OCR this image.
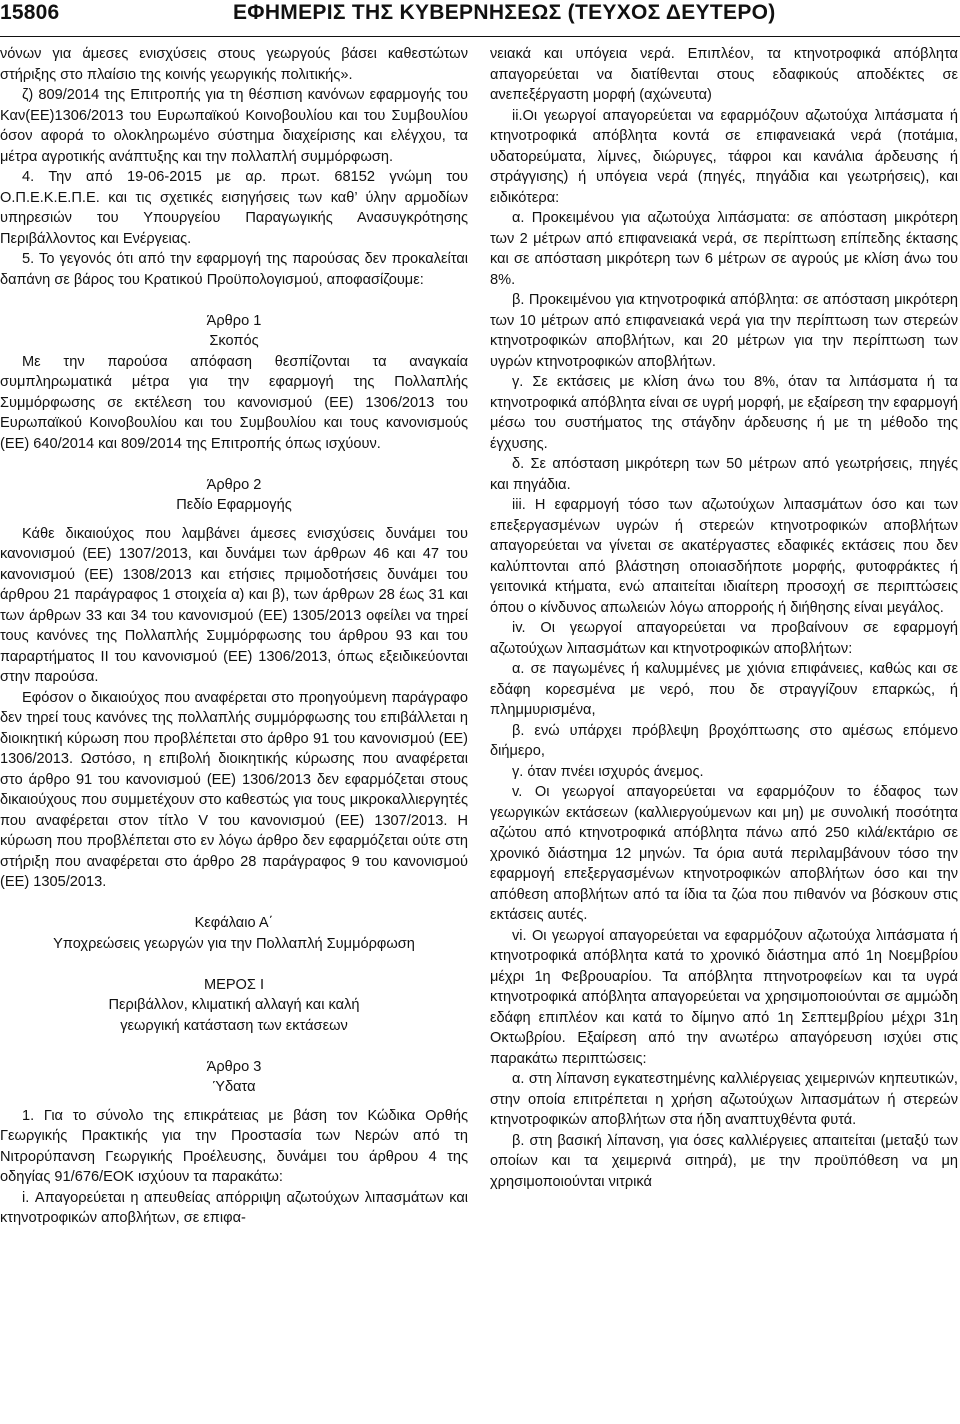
15806	ΕΦΗΜΕΡΙΣ ΤΗΣ ΚΥΒΕΡΝΗΣΕΩΣ (ΤΕΥΧΟΣ ΔΕΥΤΕΡΟ)

νόνων για άμεσες ενισχύσεις στους γεωργούς βάσει καθεστώτων στήριξης στο πλαίσιο της κοινής γεωργικής πολιτικής».

ζ) 809/2014 της Επιτροπής για τη θέσπιση κανόνων εφαρμογής του Καν(ΕΕ)1306/2013 του Ευρωπαϊκού Κοινοβουλίου και του Συμβουλίου όσον αφορά το ολοκληρωμένο σύστημα διαχείρισης και ελέγχου, τα μέτρα αγροτικής ανάπτυξης και την πολλαπλή συμμόρφωση.

4. Την από 19-06-2015 με αρ. πρωτ. 68152 γνώμη του Ο.Π.Ε.Κ.Ε.Π.Ε. και τις σχετικές εισηγήσεις των καθ’ ύλην αρμοδίων υπηρεσιών του Υπουργείου Παραγωγικής Ανασυγκρότησης Περιβάλλοντος και Ενέργειας.

5. Το γεγονός ότι από την εφαρμογή της παρούσας δεν προκαλείται δαπάνη σε βάρος του Κρατικού Προϋπολογισμού, αποφασίζουμε:

Άρθρο 1

Σκοπός

Με την παρούσα απόφαση θεσπίζονται τα αναγκαία συμπληρωματικά μέτρα για την εφαρμογή της Πολλαπλής Συμμόρφωσης σε εκτέλεση του κανονισμού (ΕΕ) 1306/2013 του Ευρωπαϊκού Κοινοβουλίου και του Συμβουλίου και τους κανονισμούς (ΕΕ) 640/2014 και 809/2014 της Επιτροπής όπως ισχύουν.

Άρθρο 2

Πεδίο Εφαρμογής

Κάθε δικαιούχος που λαμβάνει άμεσες ενισχύσεις δυνάμει του κανονισμού (ΕΕ) 1307/2013, και δυνάμει των άρθρων 46 και 47 του κανονισμού (ΕΕ) 1308/2013 και ετήσιες πριμοδοτήσεις δυνάμει του άρθρου 21 παράγραφος 1 στοιχεία α) και β), των άρθρων 28 έως 31 και των άρθρων 33 και 34 του κανονισμού (ΕΕ) 1305/2013 οφείλει να τηρεί τους κανόνες της Πολλαπλής Συμμόρφωσης του άρθρου 93 και του παραρτήματος II του κανονισμού (ΕΕ) 1306/2013, όπως εξειδικεύονται στην παρούσα.

Εφόσον ο δικαιούχος που αναφέρεται στο προηγούμενη παράγραφο δεν τηρεί τους κανόνες της πολλαπλής συμμόρφωσης του επιβάλλεται η διοικητική κύρωση που προβλέπεται στο άρθρο 91 του κανονισμού (ΕΕ) 1306/2013. Ωστόσο, η επιβολή διοικητικής κύρωσης που αναφέρεται στο άρθρο 91 του κανονισμού (ΕΕ) 1306/2013 δεν εφαρμόζεται στους δικαιούχους που συμμετέχουν στο καθεστώς για τους μικροκαλλιεργητές που αναφέρεται στον τίτλο V του κανονισμού (ΕΕ) 1307/2013. Η κύρωση που προβλέπεται στο εν λόγω άρθρο δεν εφαρμόζεται ούτε στη στήριξη που αναφέρεται στο άρθρο 28 παράγραφος 9 του κανονισμού (ΕΕ) 1305/2013.

Κεφάλαιο Α΄

Υποχρεώσεις γεωργών για την Πολλαπλή Συμμόρφωση

ΜΕΡΟΣ Ι

Περιβάλλον, κλιματική αλλαγή και καλή

γεωργική κατάσταση των εκτάσεων

Άρθρο 3

Ύδατα

1. Για το σύνολο της επικράτειας με βάση τον Κώδικα Ορθής Γεωργικής Πρακτικής για την Προστασία των Νερών από τη Νιτρορύπανση Γεωργικής Προέλευσης, δυνάμει του άρθρου 4 της οδηγίας 91/676/ΕΟΚ ισχύουν τα παρακάτω:

i. Απαγορεύεται η απευθείας απόρριψη αζωτούχων λιπασμάτων και κτηνοτροφικών αποβλήτων, σε επιφα-

νειακά και υπόγεια νερά. Επιπλέον, τα κτηνοτροφικά απόβλητα απαγορεύεται να διατίθενται στους εδαφικούς αποδέκτες σε ανεπεξέργαστη μορφή (αχώνευτα)

ii.Οι γεωργοί απαγορεύεται να εφαρμόζουν αζωτούχα λιπάσματα ή κτηνοτροφικά απόβλητα κοντά σε επιφανειακά νερά (ποτάμια, υδατορεύματα, λίμνες, διώρυγες, τάφροι και κανάλια άρδευσης ή στράγγισης) ή υπόγεια νερά (πηγές, πηγάδια και γεωτρήσεις), και ειδικότερα:

α. Προκειμένου για αζωτούχα λιπάσματα: σε απόσταση μικρότερη των 2 μέτρων από επιφανειακά νερά, σε περίπτωση επίπεδης έκτασης και σε απόσταση μικρότερη των 6 μέτρων σε αγρούς με κλίση άνω του 8%.

β. Προκειμένου για κτηνοτροφικά απόβλητα: σε απόσταση μικρότερη των 10 μέτρων από επιφανειακά νερά για την περίπτωση των στερεών κτηνοτροφικών αποβλήτων, και 20 μέτρων για την περίπτωση των υγρών κτηνοτροφικών αποβλήτων.

γ. Σε εκτάσεις με κλίση άνω του 8%, όταν τα λιπάσματα ή τα κτηνοτροφικά απόβλητα είναι σε υγρή μορφή, με εξαίρεση την εφαρμογή μέσω του συστήματος της στάγδην άρδευσης ή με τη μέθοδο της έγχυσης.

δ. Σε απόσταση μικρότερη των 50 μέτρων από γεωτρήσεις, πηγές και πηγάδια.

iii. Η εφαρμογή τόσο των αζωτούχων λιπασμάτων όσο και των επεξεργασμένων υγρών ή στερεών κτηνοτροφικών αποβλήτων απαγορεύεται να γίνεται σε ακατέργαστες εδαφικές εκτάσεις που δεν καλύπτονται από βλάστηση οποιασδήποτε μορφής, φυτοφράκτες ή γειτονικά κτήματα, ενώ απαιτείται ιδιαίτερη προσοχή σε περιπτώσεις όπου ο κίνδυνος απωλειών λόγω απορροής ή διήθησης είναι μεγάλος.

iv. Οι γεωργοί απαγορεύεται να προβαίνουν σε εφαρμογή αζωτούχων λιπασμάτων και κτηνοτροφικών αποβλήτων:

α. σε παγωμένες ή καλυμμένες με χιόνια επιφάνειες, καθώς και σε εδάφη κορεσμένα με νερό, που δε στραγγίζουν επαρκώς, ή πλημμυρισμένα,

β. ενώ υπάρχει πρόβλεψη βροχόπτωσης στο αμέσως επόμενο διήμερο,

γ. όταν πνέει ισχυρός άνεμος.

v. Οι γεωργοί απαγορεύεται να εφαρμόζουν το έδαφος των γεωργικών εκτάσεων (καλλιεργούμενων και μη) με συνολική ποσότητα αζώτου από κτηνοτροφικά απόβλητα πάνω από 250 κιλά/εκτάριο σε χρονικό διάστημα 12 μηνών. Τα όρια αυτά περιλαμβάνουν τόσο την εφαρμογή επεξεργασμένων κτηνοτροφικών αποβλήτων όσο και την απόθεση αποβλήτων από τα ίδια τα ζώα που πιθανόν να βόσκουν στις εκτάσεις αυτές.

vi. Οι γεωργοί απαγορεύεται να εφαρμόζουν αζωτούχα λιπάσματα ή κτηνοτροφικά απόβλητα κατά το χρονικό διάστημα από 1η Νοεμβρίου μέχρι 1η Φεβρουαρίου. Τα απόβλητα πτηνοτροφείων και τα υγρά κτηνοτροφικά απόβλητα απαγορεύεται να χρησιμοποιούνται σε αμμώδη εδάφη επιπλέον και κατά το δίμηνο από 1η Σεπτεμβρίου μέχρι 31η Οκτωβρίου. Εξαίρεση από την ανωτέρω απαγόρευση ισχύει στις παρακάτω περιπτώσεις:

α. στη λίπανση εγκατεστημένης καλλιέργειας χειμερινών κηπευτικών, στην οποία επιτρέπεται η χρήση αζωτούχων λιπασμάτων ή στερεών κτηνοτροφικών αποβλήτων στα ήδη αναπτυχθέντα φυτά.

β. στη βασική λίπανση, για όσες καλλιέργειες απαιτείται (μεταξύ των οποίων και τα χειμερινά σιτηρά), με την προϋπόθεση να μη χρησιμοποιούνται νιτρικά
